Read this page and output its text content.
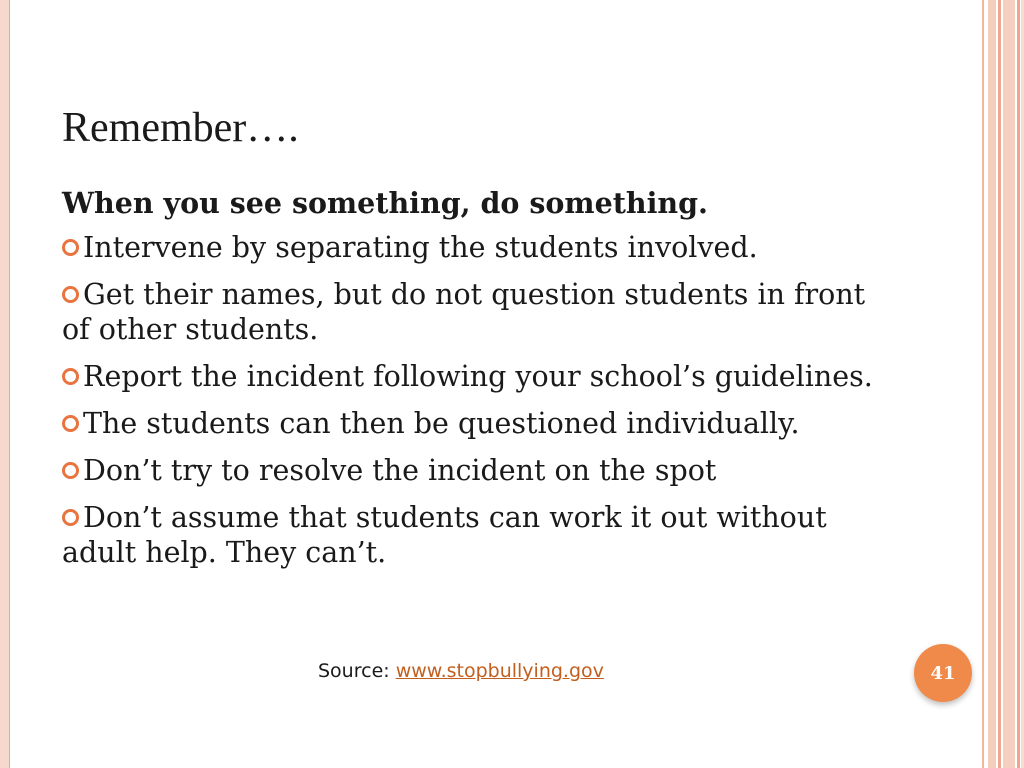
Remember….

When you see something, do something.

Intervene by separating the students involved.
Get their names, but do not question students in front of other students.
Report the incident following your school’s guidelines.
The students can then be questioned individually.
Don’t try to resolve the incident on the spot
Don’t assume that students can work it out without adult help. They can’t.
Source: www.stopbullying.gov	41
